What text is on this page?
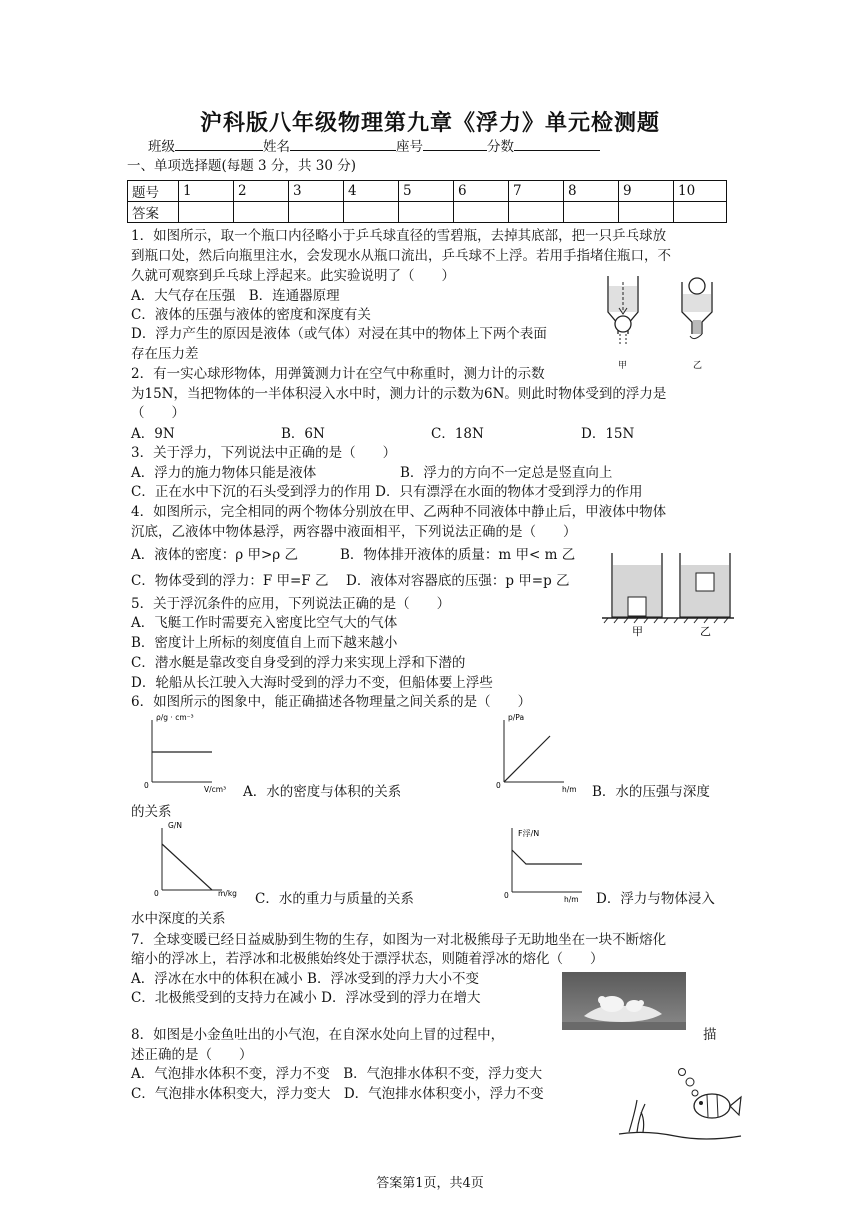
沪科版八年级物理第九章《浮力》单元检测题
班级	姓名	座号	分数
一、单项选择题(每题 3 分，共 30 分)
题号	1	2	3	4	5	6	7	8	9	10
答案										
1．如图所示，取一个瓶口内径略小于乒乓球直径的雪碧瓶，去掉其底部，把一只乒乓球放
到瓶口处，然后向瓶里注水，会发现水从瓶口流出，乒乓球不上浮。若用手指堵住瓶口，不
久就可观察到乒乓球上浮起来。此实验说明了（　　）
A．大气存在压强　B．连通器原理
C．液体的压强与液体的密度和深度有关
D．浮力产生的原因是液体（或气体）对浸在其中的物体上下两个表面
存在压力差
甲	乙
2．有一实心球形物体，用弹簧测力计在空气中称重时，测力计的示数
为15N，当把物体的一半体积浸入水中时，测力计的示数为6N。则此时物体受到的浮力是
（　　）
A．9N	B．6N	C．18N	D．15N
3．关于浮力，下列说法中正确的是（　　）
A．浮力的施力物体只能是液体	B．浮力的方向不一定总是竖直向上
C．正在水中下沉的石头受到浮力的作用 D．只有漂浮在水面的物体才受到浮力的作用
4．如图所示，完全相同的两个物体分别放在甲、乙两种不同液体中静止后，甲液体中物体
沉底，乙液体中物体悬浮，两容器中液面相平，下列说法正确的是（　　）
A．液体的密度：ρ 甲>ρ 乙	B．物体排开液体的质量：m 甲< m 乙
C．物体受到的浮力：F 甲=F 乙 D．液体对容器底的压强：p 甲=p 乙
甲	乙
5．关于浮沉条件的应用，下列说法正确的是（　　）
A．飞艇工作时需要充入密度比空气大的气体
B．密度计上所标的刻度值自上而下越来越小
C．潜水艇是靠改变自身受到的浮力来实现上浮和下潜的
D．轮船从长江驶入大海时受到的浮力不变，但船体要上浮些
6．如图所示的图象中，能正确描述各物理量之间关系的是（　　）
ρ/g · cm⁻³
V/cm³
0	A．水的密度与体积的关系
p/Pa
h/m
0	B．水的压强与深度
的关系
G/N
m/kg
0	C．水的重力与质量的关系
F浮/N
h/m
0	D．浮力与物体浸入
水中深度的关系
7．全球变暖已经日益威胁到生物的生存，如图为一对北极熊母子无助地坐在一块不断熔化
缩小的浮冰上，若浮冰和北极熊始终处于漂浮状态，则随着浮冰的熔化（　　）
A．浮冰在水中的体积在减小 B．浮冰受到的浮力大小不变
C．北极熊受到的支持力在减小 D．浮冰受到的浮力在增大
8．如图是小金鱼吐出的小气泡，在自深水处向上冒的过程中，	描
述正确的是（　　）
A．气泡排水体积不变，浮力不变　B．气泡排水体积不变，浮力变大
C．气泡排水体积变大，浮力变大　D．气泡排水体积变小，浮力不变
答案第1页，共4页
